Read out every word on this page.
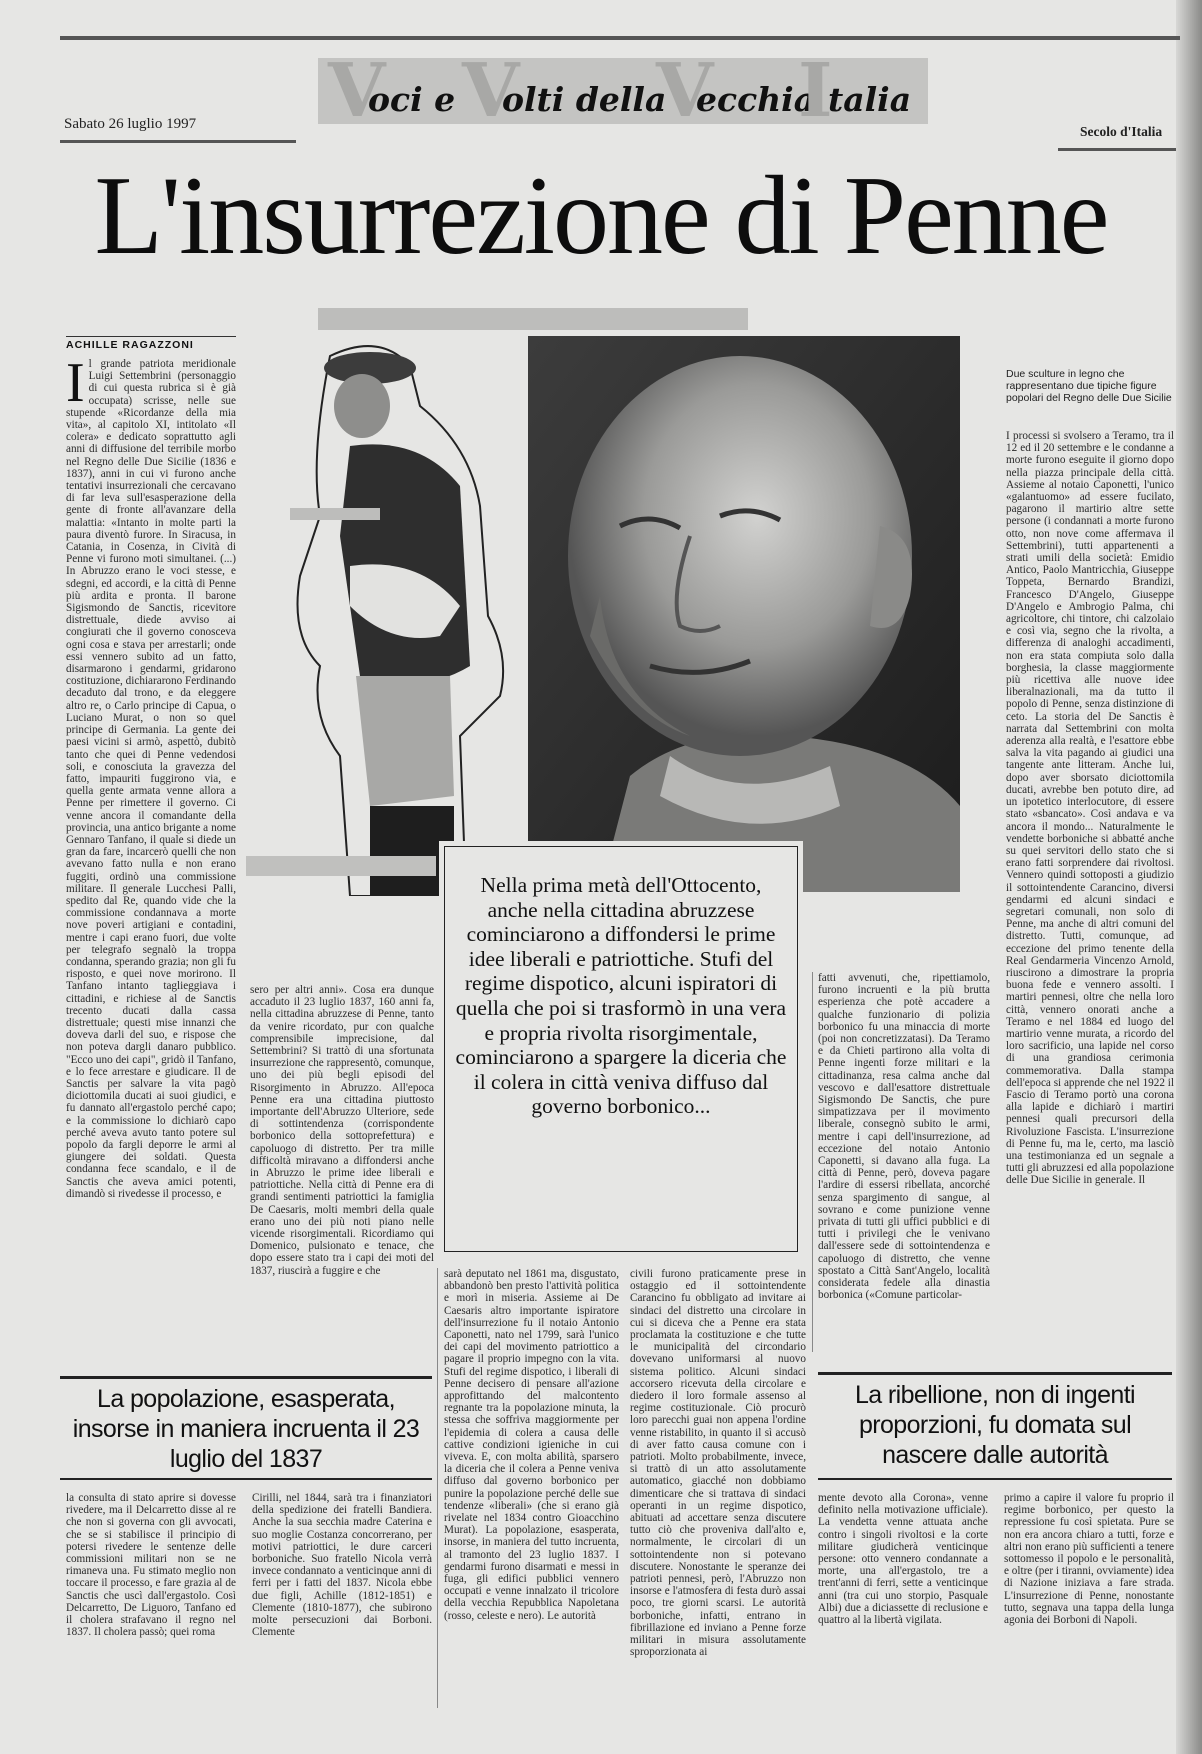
V
oci e V
olti della
V
ecchia
I
talia
Sabato 26 luglio 1997	Secolo d'Italia
L'insurrezione di Penne
ACHILLE RAGAZZONI
Due sculture in legno che rappresentano due tipiche figure popolari del Regno delle Due Sicilie
Il grande patriota meridionale Luigi Settembrini (personaggio di cui questa rubrica si è già occupata) scrisse, nelle sue stupende «Ricordanze della mia vita», al capitolo XI, intitolato «Il colera» e dedicato soprattutto agli anni di diffusione del terribile morbo nel Regno delle Due Sicilie (1836 e 1837), anni in cui vi furono anche tentativi insurrezionali che cercavano di far leva sull'esasperazione della gente di fronte all'avanzare della malattia: «Intanto in molte parti la paura diventò furore. In Siracusa, in Catania, in Cosenza, in Cività di Penne vi furono moti simultanei. (...) In Abruzzo erano le voci stesse, e sdegni, ed accordi, e la città di Penne più ardita e pronta. Il barone Sigismondo de Sanctis, ricevitore distrettuale, diede avviso ai congiurati che il governo conosceva ogni cosa e stava per arrestarli; onde essi vennero subito ad un fatto, disarmarono i gendarmi, gridarono costituzione, dichiararono Ferdinando decaduto dal trono, e da eleggere altro re, o Carlo principe di Capua, o Luciano Murat, o non so quel principe di Germania. La gente dei paesi vicini si armò, aspettò, dubitò tanto che quei di Penne vedendosi soli, e conosciuta la gravezza del fatto, impauriti fuggirono via, e quella gente armata venne allora a Penne per rimettere il governo. Ci venne ancora il comandante della provincia, una antico brigante a nome Gennaro Tanfano, il quale si diede un gran da fare, incarcerò quelli che non avevano fatto nulla e non erano fuggiti, ordinò una commissione militare. Il generale Lucchesi Palli, spedito dal Re, quando vide che la commissione condannava a morte nove poveri artigiani e contadini, mentre i capi erano fuori, due volte per telegrafo segnalò la troppa condanna, sperando grazia; non gli fu risposto, e quei nove morirono. Il Tanfano intanto taglieggiava i cittadini, e richiese al de Sanctis trecento ducati dalla cassa distrettuale; questi mise innanzi che doveva darli del suo, e rispose che non poteva dargli danaro pubblico. "Ecco uno dei capi", gridò il Tanfano, e lo fece arrestare e giudicare. Il de Sanctis per salvare la vita pagò diciottomila ducati ai suoi giudici, e fu dannato all'ergastolo perché capo; e la commissione lo dichiarò capo perché aveva avuto tanto potere sul popolo da fargli deporre le armi al giungere dei soldati. Questa condanna fece scandalo, e il de Sanctis che aveva amici potenti, dimandò si rivedesse il processo, e
sero per altri anni». Cosa era dunque accaduto il 23 luglio 1837, 160 anni fa, nella cittadina abruzzese di Penne, tanto da venire ricordato, pur con qualche comprensibile imprecisione, dal Settembrini? Si trattò di una sfortunata insurrezione che rappresentò, comunque, uno dei più begli episodi del Risorgimento in Abruzzo. All'epoca Penne era una cittadina piuttosto importante dell'Abruzzo Ulteriore, sede di sottintendenza (corrispondente borbonico della sottoprefettura) e capoluogo di distretto. Per tra mille difficoltà miravano a diffondersi anche in Abruzzo le prime idee liberali e patriottiche. Nella città di Penne era di grandi sentimenti patriottici la famiglia De Caesaris, molti membri della quale erano uno dei più noti piano nelle vicende risorgimentali. Ricordiamo qui Domenico, pulsionato e tenace, che dopo essere stato tra i capi dei moti del 1837, riuscirà a fuggire e che
Nella prima metà dell'Ottocento, anche nella cittadina abruzzese cominciarono a diffondersi le prime idee liberali e patriottiche. Stufi del regime dispotico, alcuni ispiratori di quella che poi si trasformò in una vera e propria rivolta risorgimentale, cominciarono a spargere la diceria che il colera in città veniva diffuso dal governo borbonico...
sarà deputato nel 1861 ma, disgustato, abbandonò ben presto l'attività politica e morì in miseria. Assieme ai De Caesaris altro importante ispiratore dell'insurrezione fu il notaio Antonio Caponetti, nato nel 1799, sarà l'unico dei capi del movimento patriottico a pagare il proprio impegno con la vita. Stufi del regime dispotico, i liberali di Penne decisero di pensare all'azione approfittando del malcontento regnante tra la popolazione minuta, la stessa che soffriva maggiormente per l'epidemia di colera a causa delle cattive condizioni igieniche in cui viveva. E, con molta abilità, sparsero la diceria che il colera a Penne veniva diffuso dal governo borbonico per punire la popolazione perché delle sue tendenze «liberali» (che si erano già rivelate nel 1834 contro Gioacchino Murat). La popolazione, esasperata, insorse, in maniera del tutto incruenta, al tramonto del 23 luglio 1837. I gendarmi furono disarmati e messi in fuga, gli edifici pubblici vennero occupati e venne innalzato il tricolore della vecchia Repubblica Napoletana (rosso, celeste e nero). Le autorità
civili furono praticamente prese in ostaggio ed il sottointendente Carancino fu obbligato ad invitare ai sindaci del distretto una circolare in cui si diceva che a Penne era stata proclamata la costituzione e che tutte le municipalità del circondario dovevano uniformarsi al nuovo sistema politico. Alcuni sindaci accorsero ricevuta della circolare e diedero il loro formale assenso al regime costituzionale. Ciò procurò loro parecchi guai non appena l'ordine venne ristabilito, in quanto il sì accusò di aver fatto causa comune con i patrioti. Molto probabilmente, invece, si trattò di un atto assolutamente automatico, giacché non dobbiamo dimenticare che si trattava di sindaci operanti in un regime dispotico, abituati ad accettare senza discutere tutto ciò che proveniva dall'alto e, normalmente, le circolari di un sottointendente non si potevano discutere. Nonostante le speranze dei patrioti pennesi, però, l'Abruzzo non insorse e l'atmosfera di festa durò assai poco, tre giorni scarsi. Le autorità borboniche, infatti, entrano in fibrillazione ed inviano a Penne forze militari in misura assolutamente sproporzionata ai
fatti avvenuti, che, ripettiamolo, furono incruenti e la più brutta esperienza che potè accadere a qualche funzionario di polizia borbonico fu una minaccia di morte (poi non concretizzatasi). Da Teramo e da Chieti partirono alla volta di Penne ingenti forze militari e la cittadinanza, resa calma anche dal vescovo e dall'esattore distrettuale Sigismondo De Sanctis, che pure simpatizzava per il movimento liberale, consegnò subito le armi, mentre i capi dell'insurrezione, ad eccezione del notaio Antonio Caponetti, si davano alla fuga. La città di Penne, però, doveva pagare l'ardire di essersi ribellata, ancorché senza spargimento di sangue, al sovrano e come punizione venne privata di tutti gli uffici pubblici e di tutti i privilegi che le venivano dall'essere sede di sottointendenza e capoluogo di distretto, che venne spostato a Città Sant'Angelo, località considerata fedele alla dinastia borbonica («Comune particolar-
I processi si svolsero a Teramo, tra il 12 ed il 20 settembre e le condanne a morte furono eseguite il giorno dopo nella piazza principale della città. Assieme al notaio Caponetti, l'unico «galantuomo» ad essere fucilato, pagarono il martirio altre sette persone (i condannati a morte furono otto, non nove come affermava il Settembrini), tutti appartenenti a strati umili della società: Emidio Antico, Paolo Mantricchia, Giuseppe Toppeta, Bernardo Brandizi, Francesco D'Angelo, Giuseppe D'Angelo e Ambrogio Palma, chi agricoltore, chi tintore, chi calzolaio e così via, segno che la rivolta, a differenza di analoghi accadimenti, non era stata compiuta solo dalla borghesia, la classe maggiormente più ricettiva alle nuove idee liberalnazionali, ma da tutto il popolo di Penne, senza distinzione di ceto. La storia del De Sanctis è narrata dal Settembrini con molta aderenza alla realtà, e l'esattore ebbe salva la vita pagando ai giudici una tangente ante litteram. Anche lui, dopo aver sborsato diciottomila ducati, avrebbe ben potuto dire, ad un ipotetico interlocutore, di essere stato «sbancato». Così andava e va ancora il mondo... Naturalmente le vendette borboniche si abbatté anche su quei servitori dello stato che si erano fatti sorprendere dai rivoltosi. Vennero quindi sottoposti a giudizio il sottointendente Carancino, diversi gendarmi ed alcuni sindaci e segretari comunali, non solo di Penne, ma anche di altri comuni del distretto. Tutti, comunque, ad eccezione del primo tenente della Real Gendarmeria Vincenzo Arnold, riuscirono a dimostrare la propria buona fede e vennero assolti. I martiri pennesi, oltre che nella loro città, vennero onorati anche a Teramo e nel 1884 ed luogo del martirio venne murata, a ricordo del loro sacrificio, una lapide nel corso di una grandiosa cerimonia commemorativa. Dalla stampa dell'epoca si apprende che nel 1922 il Fascio di Teramo portò una corona alla lapide e dichiarò i martiri pennesi quali precursori della Rivoluzione Fascista. L'insurrezione di Penne fu, ma le, certo, ma lasciò una testimonianza ed un segnale a tutti gli abruzzesi ed alla popolazione delle Due Sicilie in generale. Il
La popolazione, esasperata, insorse in maniera incruenta il 23 luglio del 1837
La ribellione, non di ingenti proporzioni, fu domata sul nascere dalle autorità
la consulta di stato aprire si dovesse rivedere, ma il Delcarretto disse al re che non si governa con gli avvocati, che se si stabilisce il principio di potersi rivedere le sentenze delle commissioni militari non se ne rimaneva una. Fu stimato meglio non toccare il processo, e fare grazia al de Sanctis che uscì dall'ergastolo. Così Delcarretto, De Liguoro, Tanfano ed il cholera strafavano il regno nel 1837. Il cholera passò; quei roma
Cirilli, nel 1844, sarà tra i finanziatori della spedizione dei fratelli Bandiera. Anche la sua secchia madre Caterina e suo moglie Costanza concorrerano, per motivi patriottici, le dure carceri borboniche. Suo fratello Nicola verrà invece condannato a venticinque anni di ferri per i fatti del 1837. Nicola ebbe due figli, Achille (1812-1851) e Clemente (1810-1877), che subirono molte persecuzioni dai Borboni. Clemente
mente devoto alla Corona», venne definito nella motivazione ufficiale). La vendetta venne attuata anche contro i singoli rivoltosi e la corte militare giudicherà venticinque persone: otto vennero condannate a morte, una all'ergastolo, tre a trent'anni di ferri, sette a venticinque anni (tra cui uno storpio, Pasquale Albi) due a diciassette di reclusione e quattro al la libertà vigilata.
primo a capire il valore fu proprio il regime borbonico, per questo la repressione fu così spietata. Pure se non era ancora chiaro a tutti, forze e altri non erano più sufficienti a tenere sottomesso il popolo e le personalità, e oltre (per i tiranni, ovviamente) idea di Nazione iniziava a fare strada. L'insurrezione di Penne, nonostante tutto, segnava una tappa della lunga agonia dei Borboni di Napoli.
